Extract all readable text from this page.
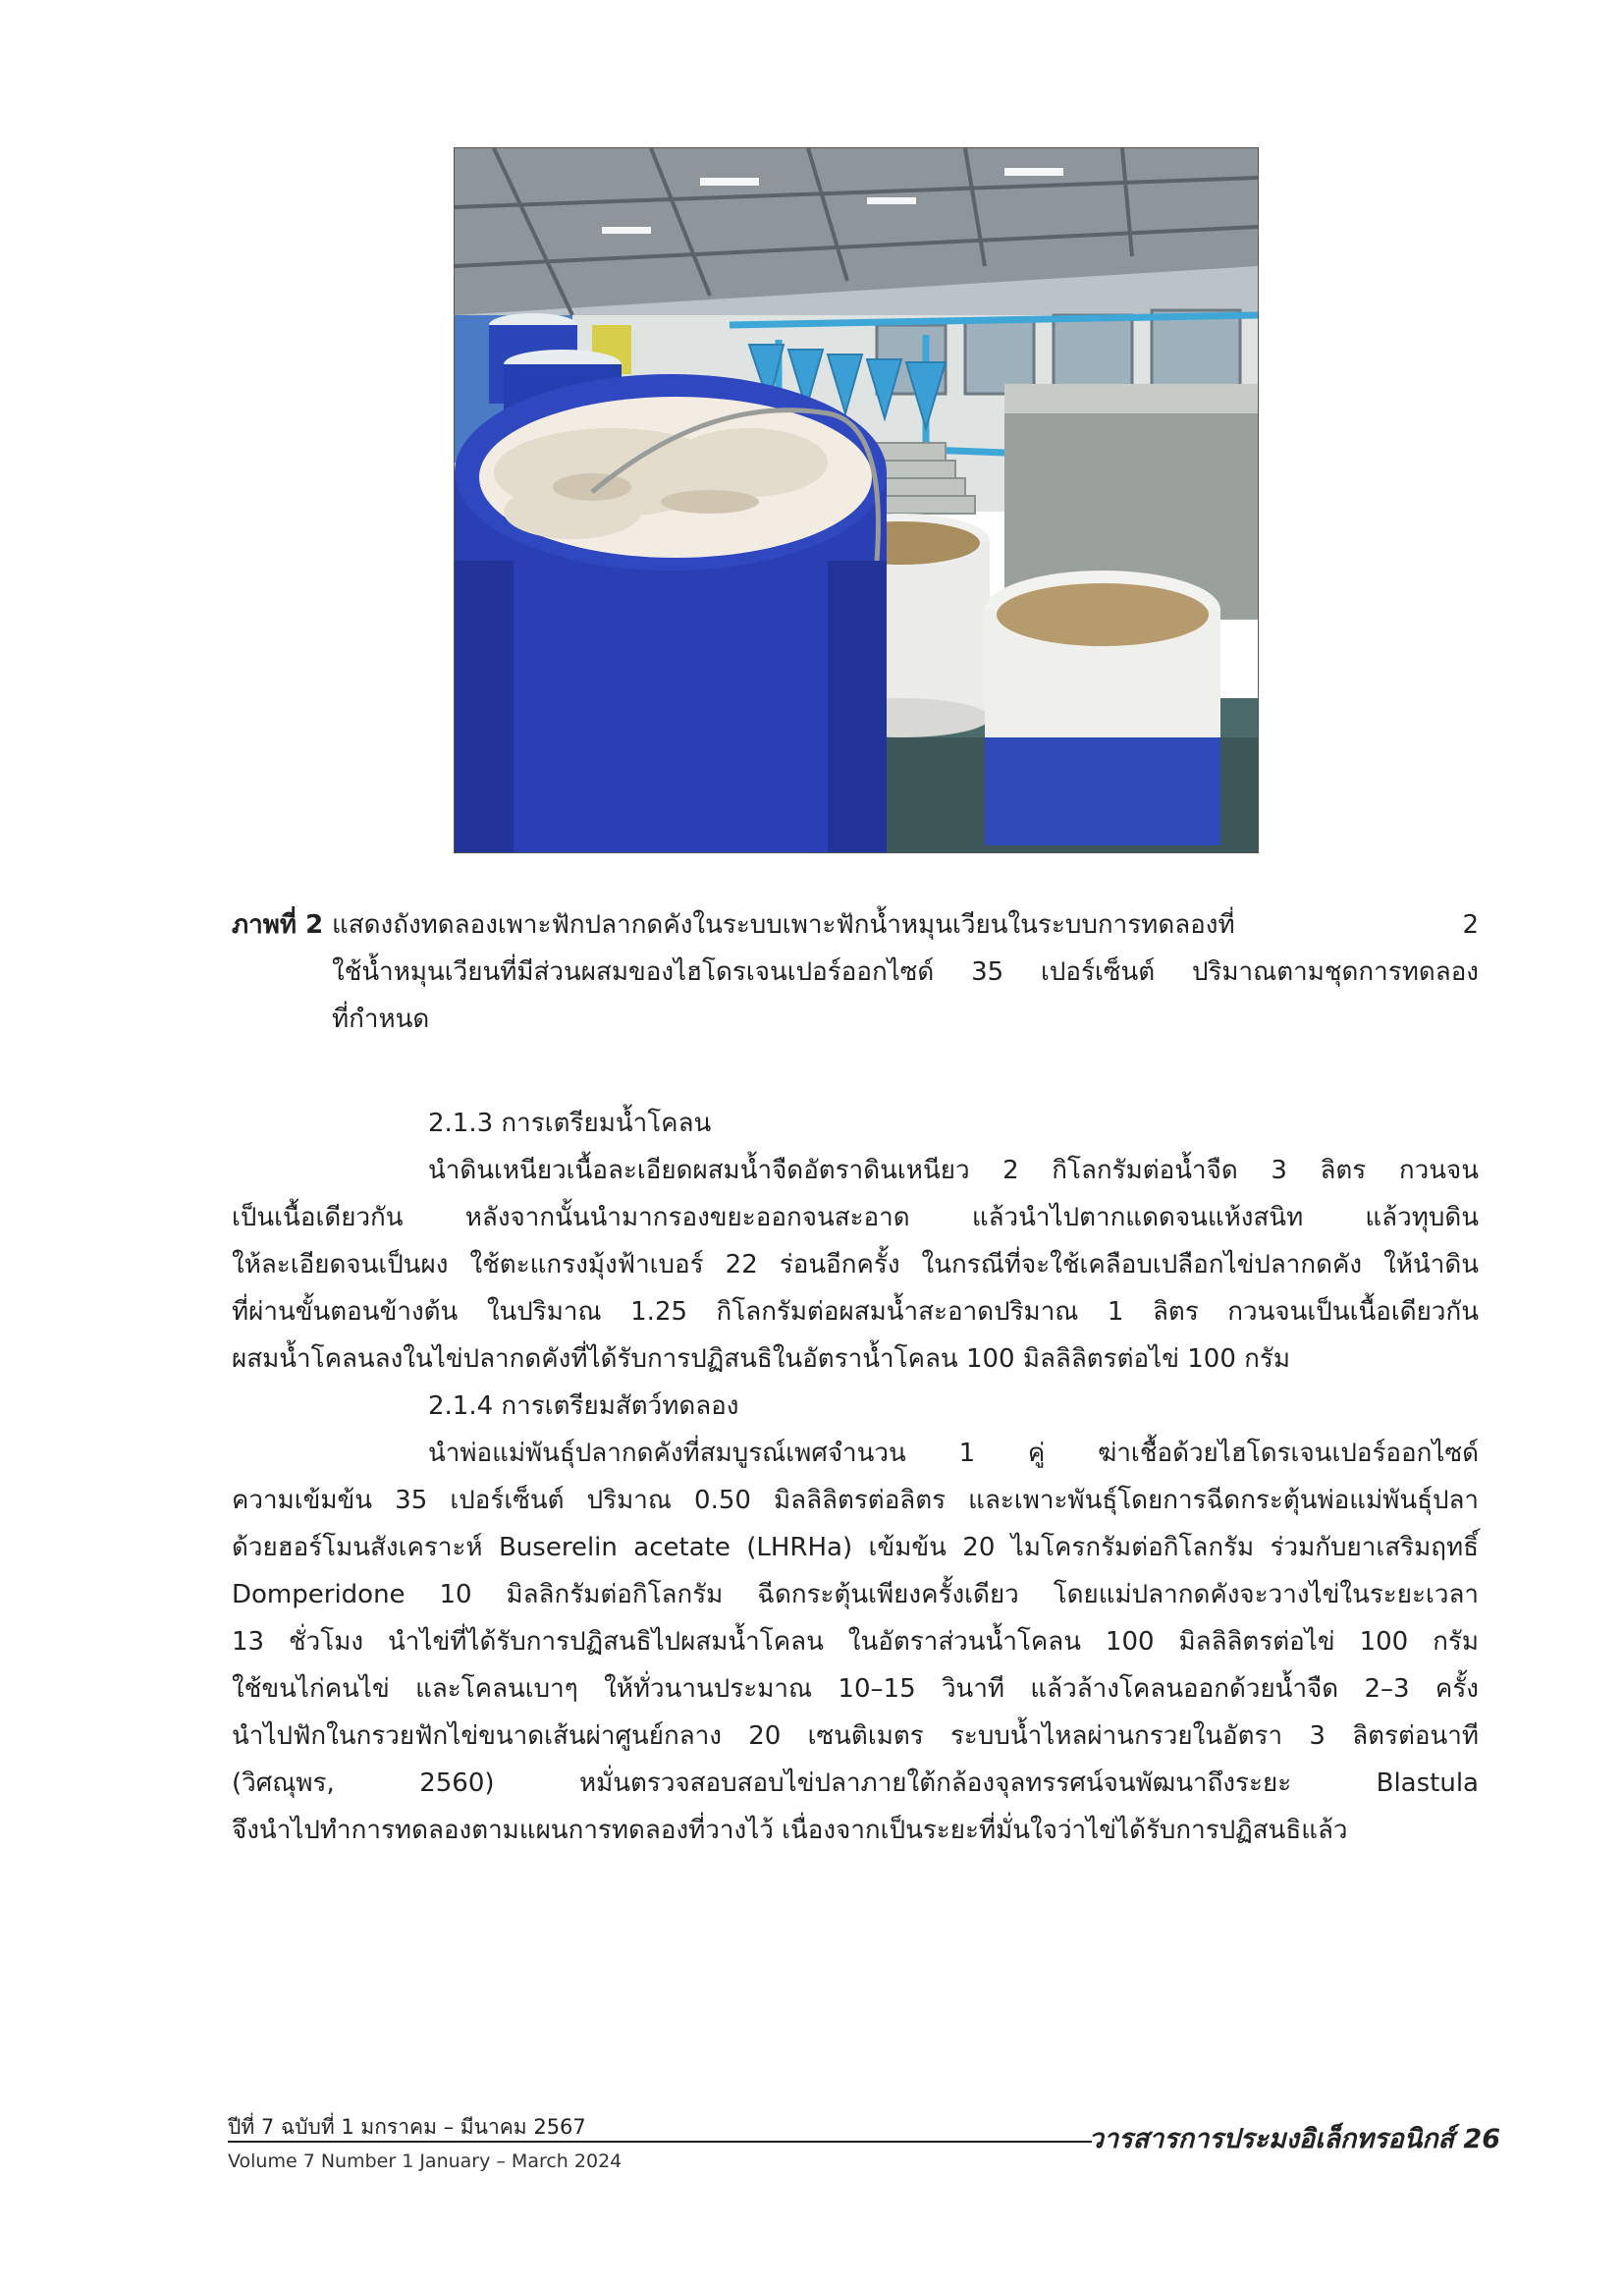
ภาพที่ 2 แสดงถังทดลองเพาะฟักปลากดคังในระบบเพาะฟักน้ำหมุนเวียนในระบบการทดลองที่ 2
ใช้น้ำหมุนเวียนที่มีส่วนผสมของไฮโดรเจนเปอร์ออกไซด์ 35 เปอร์เซ็นต์ ปริมาณตามชุดการทดลอง
ที่กำหนด
2.1.3 การเตรียมน้ำโคลน
นำดินเหนียวเนื้อละเอียดผสมน้ำจืดอัตราดินเหนียว 2 กิโลกรัมต่อน้ำจืด 3 ลิตร กวนจน
เป็นเนื้อเดียวกัน หลังจากนั้นนำมากรองขยะออกจนสะอาด แล้วนำไปตากแดดจนแห้งสนิท แล้วทุบดิน
ให้ละเอียดจนเป็นผง ใช้ตะแกรงมุ้งฟ้าเบอร์ 22 ร่อนอีกครั้ง ในกรณีที่จะใช้เคลือบเปลือกไข่ปลากดคัง ให้นำดิน
ที่ผ่านขั้นตอนข้างต้น ในปริมาณ 1.25 กิโลกรัมต่อผสมน้ำสะอาดปริมาณ 1 ลิตร กวนจนเป็นเนื้อเดียวกัน
ผสมน้ำโคลนลงในไข่ปลากดคังที่ได้รับการปฏิสนธิในอัตราน้ำโคลน 100 มิลลิลิตรต่อไข่ 100 กรัม
2.1.4 การเตรียมสัตว์ทดลอง
นำพ่อแม่พันธุ์ปลากดคังที่สมบูรณ์เพศจำนวน 1 คู่ ฆ่าเชื้อด้วยไฮโดรเจนเปอร์ออกไซด์
ความเข้มข้น 35 เปอร์เซ็นต์ ปริมาณ 0.50 มิลลิลิตรต่อลิตร และเพาะพันธุ์โดยการฉีดกระตุ้นพ่อแม่พันธุ์ปลา
ด้วยฮอร์โมนสังเคราะห์ Buserelin acetate (LHRHa) เข้มข้น 20 ไมโครกรัมต่อกิโลกรัม ร่วมกับยาเสริมฤทธิ์
Domperidone 10 มิลลิกรัมต่อกิโลกรัม ฉีดกระตุ้นเพียงครั้งเดียว โดยแม่ปลากดคังจะวางไข่ในระยะเวลา
13 ชั่วโมง นำไข่ที่ได้รับการปฏิสนธิไปผสมน้ำโคลน ในอัตราส่วนน้ำโคลน 100 มิลลิลิตรต่อไข่ 100 กรัม
ใช้ขนไก่คนไข่ และโคลนเบาๆ ให้ทั่วนานประมาณ 10–15 วินาที แล้วล้างโคลนออกด้วยน้ำจืด 2–3 ครั้ง
นำไปฟักในกรวยฟักไข่ขนาดเส้นผ่าศูนย์กลาง 20 เซนติเมตร ระบบน้ำไหลผ่านกรวยในอัตรา 3 ลิตรต่อนาที
(วิศณุพร, 2560) หมั่นตรวจสอบสอบไข่ปลาภายใต้กล้องจุลทรรศน์จนพัฒนาถึงระยะ Blastula
จึงนำไปทำการทดลองตามแผนการทดลองที่วางไว้ เนื่องจากเป็นระยะที่มั่นใจว่าไข่ได้รับการปฏิสนธิแล้ว
ปีที่ 7 ฉบับที่ 1 มกราคม – มีนาคม 2567	วารสารการประมงอิเล็กทรอนิกส์ 26
Volume 7 Number 1 January – March 2024
